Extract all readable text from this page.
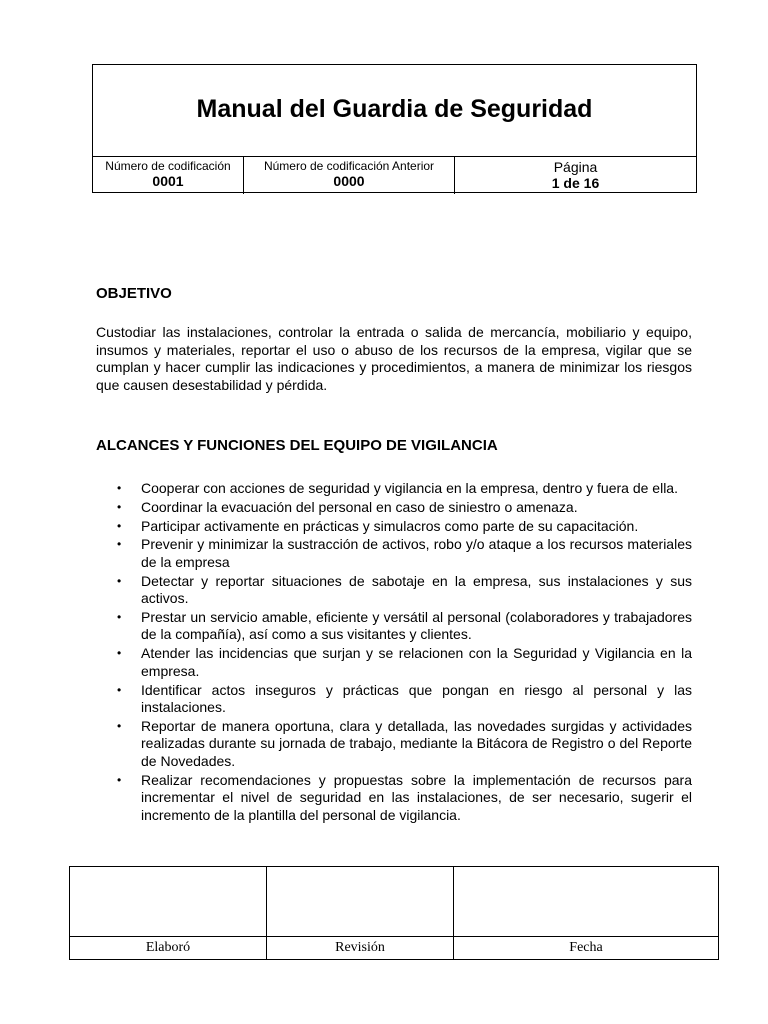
Manual del Guardia de Seguridad
Número de codificación
0001
Número de codificación Anterior
0000
Página
1 de 16
OBJETIVO

Custodiar las instalaciones, controlar la entrada o salida de mercancía, mobiliario y equipo, insumos y materiales, reportar el uso o abuso de los recursos de la empresa, vigilar que se cumplan y hacer cumplir las indicaciones y procedimientos, a manera de minimizar los riesgos que causen desestabilidad y pérdida.

ALCANCES Y FUNCIONES DEL EQUIPO DE VIGILANCIA
• Cooperar con acciones de seguridad y vigilancia en la empresa, dentro y fuera de ella.
• Coordinar la evacuación del personal en caso de siniestro o amenaza.
• Participar activamente en prácticas y simulacros como parte de su capacitación.
• Prevenir y minimizar la sustracción de activos, robo y/o ataque a los recursos materiales de la empresa
• Detectar y reportar situaciones de sabotaje en la empresa, sus instalaciones y sus activos.
• Prestar un servicio amable, eficiente y versátil al personal (colaboradores y trabajadores de la compañía), así como a sus visitantes y clientes.
• Atender las incidencias que surjan y se relacionen con la Seguridad y Vigilancia en la empresa.
• Identificar actos inseguros y prácticas que pongan en riesgo al personal y las instalaciones.
• Reportar de manera oportuna, clara y detallada, las novedades surgidas y actividades realizadas durante su jornada de trabajo, mediante la Bitácora de Registro o del Reporte de Novedades.
• Realizar recomendaciones y propuestas sobre la implementación de recursos para incrementar el nivel de seguridad en las instalaciones, de ser necesario, sugerir el incremento de la plantilla del personal de vigilancia.
Elaboró	Revisión	Fecha
